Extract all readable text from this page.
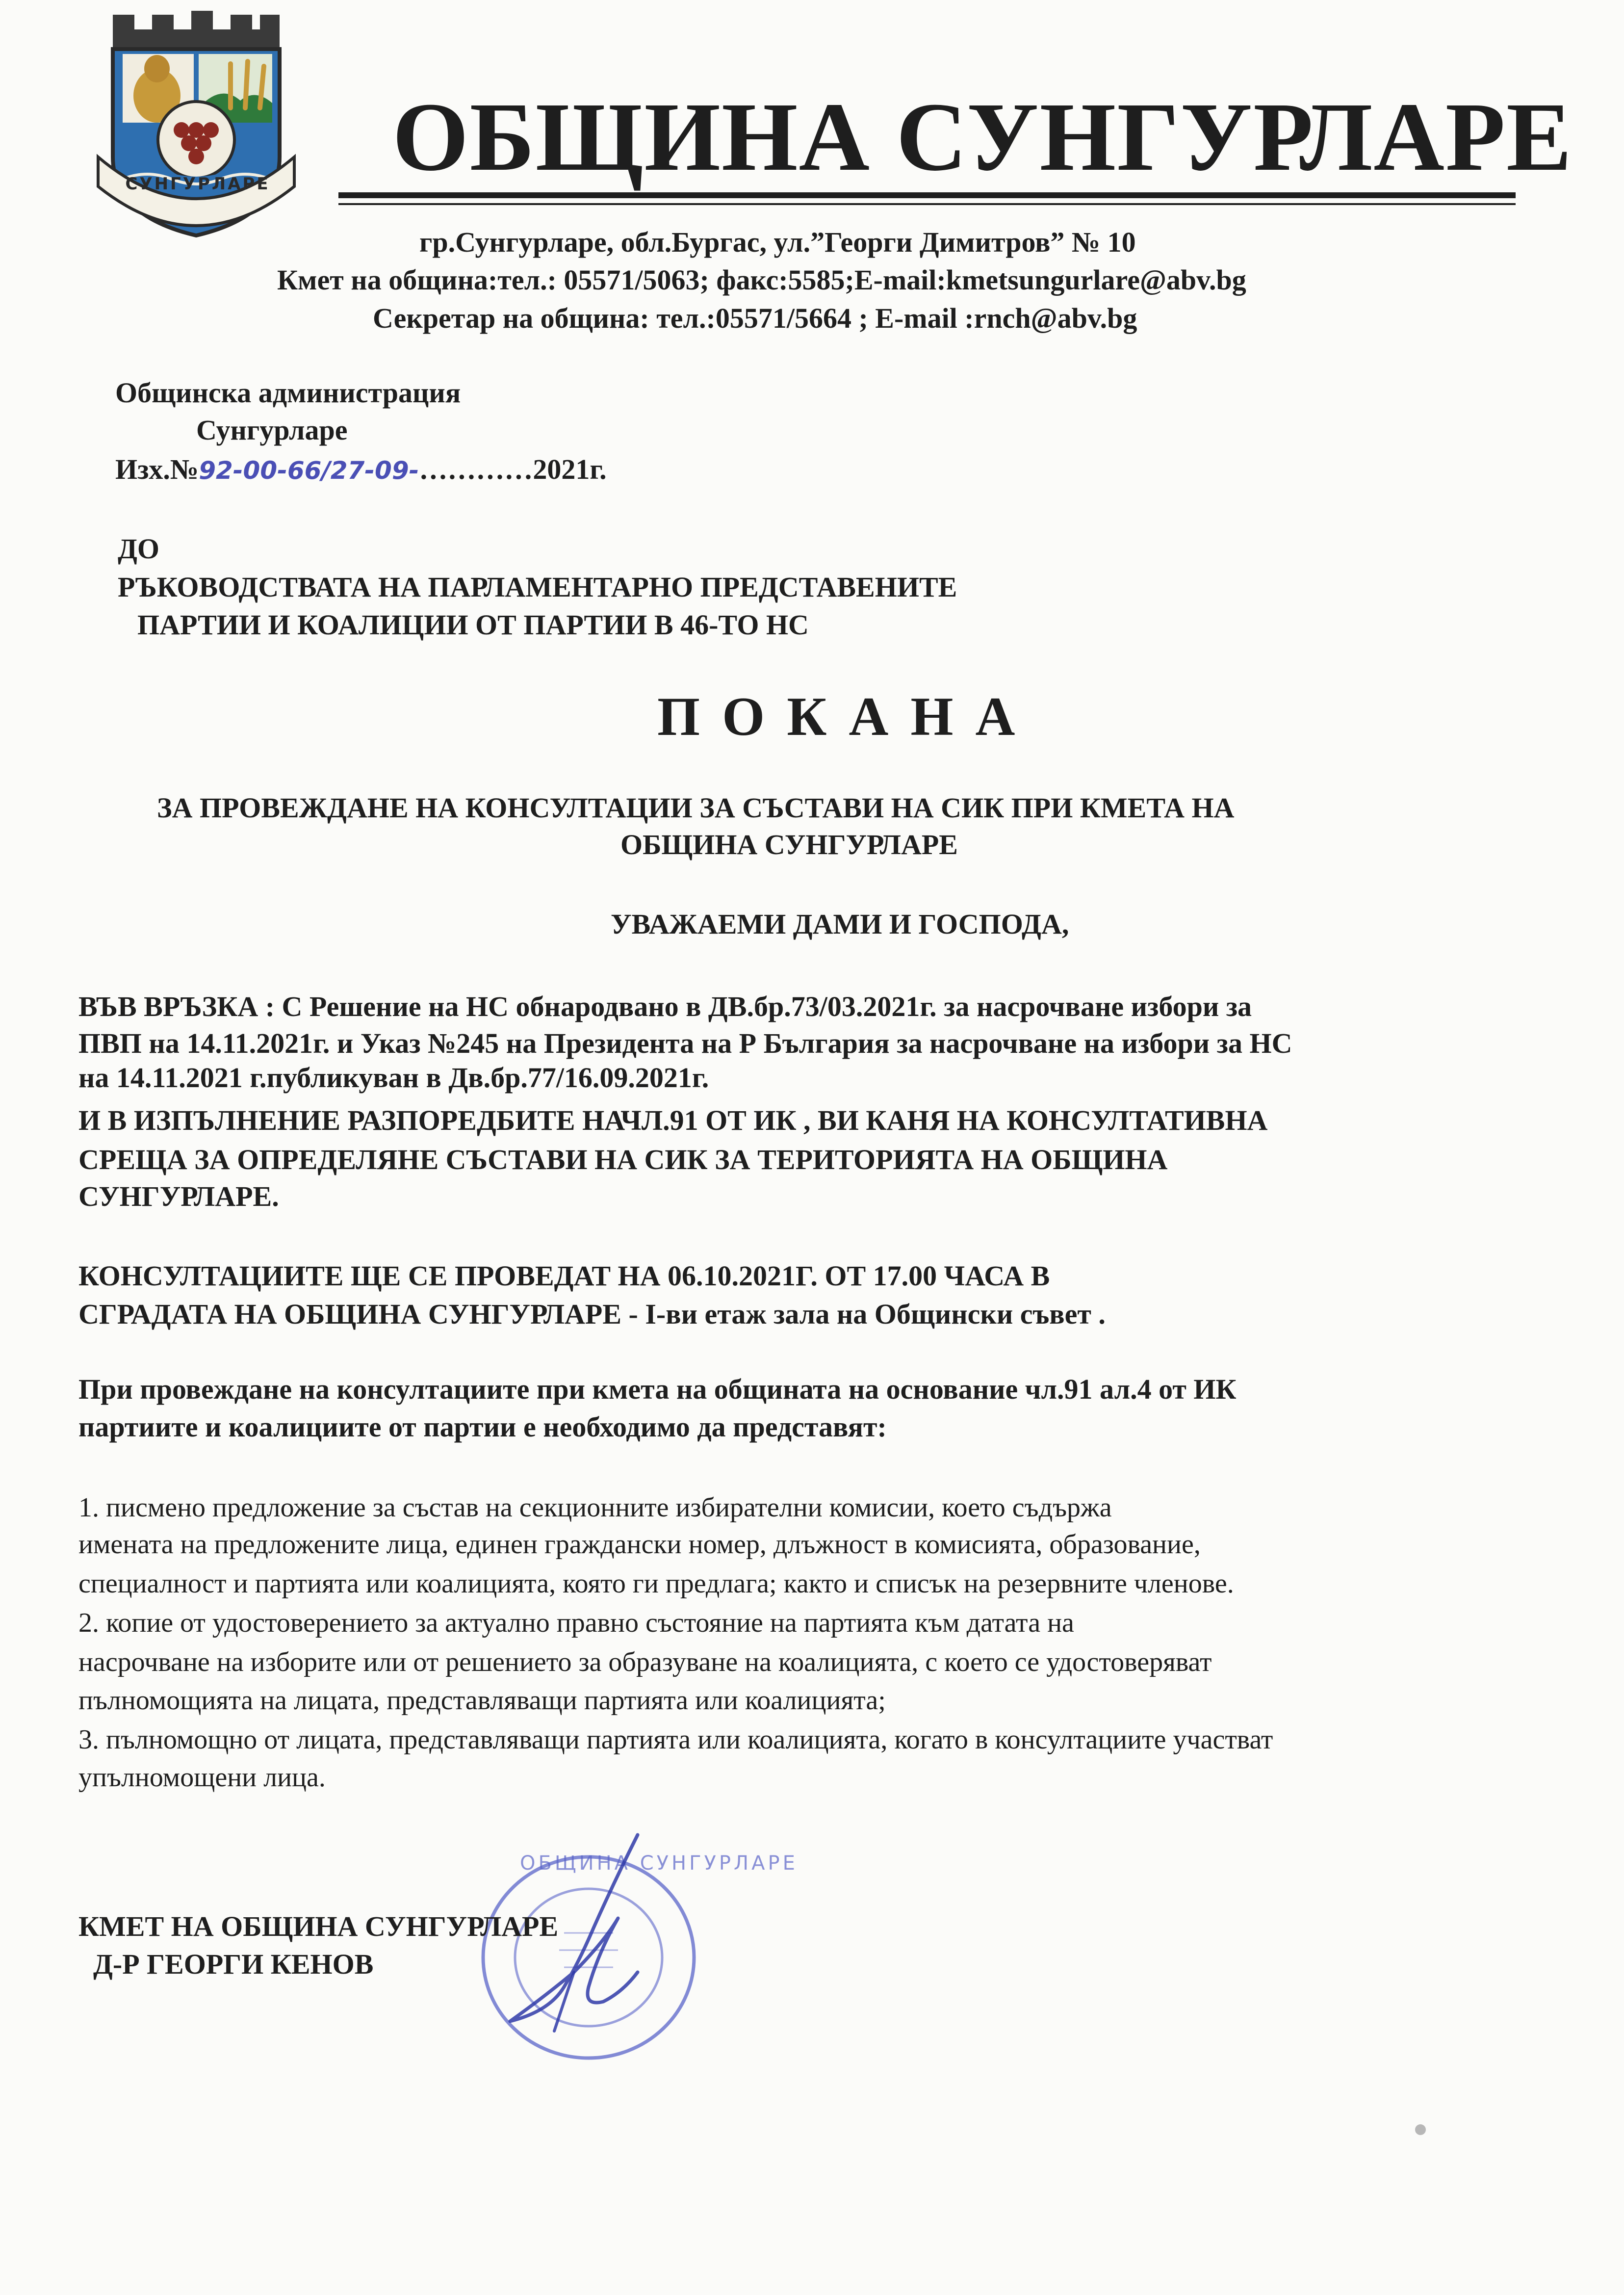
СУНГУРЛАРЕ ОБЩИНА СУНГУРЛАРЕ
гр.Сунгурларе, обл.Бургас, ул.”Георги Димитров” № 10
Кмет на община:тел.: 05571/5063; факс:5585;E-mail:kmetsungurlare@abv.bg
Секретар на община: тел.:05571/5664 ; E-mail :rnch@abv.bg
Общинска администрация
Сунгурларе
Изх.№92-00-66/27-09-…………2021г.
ДО
РЪКОВОДСТВАТА НА ПАРЛАМЕНТАРНО ПРЕДСТАВЕНИТЕ
ПАРТИИ И КОАЛИЦИИ ОТ ПАРТИИ В 46-ТО НС
ПОКАНА
ЗА ПРОВЕЖДАНЕ НА КОНСУЛТАЦИИ ЗА СЪСТАВИ НА СИК ПРИ КМЕТА НА
ОБЩИНА СУНГУРЛАРЕ
УВАЖАЕМИ ДАМИ И ГОСПОДА,
ВЪВ ВРЪЗКА : С Решение на НС обнародвано в ДВ.бр.73/03.2021г. за насрочване избори за
ПВП на 14.11.2021г. и Указ №245 на Президента на Р България за насрочване на избори за НС
на 14.11.2021 г.публикуван в Дв.бр.77/16.09.2021г.
И В ИЗПЪЛНЕНИЕ РАЗПОРЕДБИТЕ НАЧЛ.91 ОТ ИК , ВИ КАНЯ НА КОНСУЛТАТИВНА
СРЕЩА ЗА ОПРЕДЕЛЯНЕ СЪСТАВИ НА СИК ЗА ТЕРИТОРИЯТА НА ОБЩИНА
СУНГУРЛАРЕ.
КОНСУЛТАЦИИТЕ ЩЕ СЕ ПРОВЕДАТ НА 06.10.2021Г. ОТ 17.00 ЧАСА В
СГРАДАТА НА ОБЩИНА СУНГУРЛАРЕ - I-ви етаж зала на Общински съвет .
При провеждане на консултациите при кмета на общината на основание чл.91 ал.4 от ИК
партиите и коалициите от партии е необходимо да представят:
1. писмено предложение за състав на секционните избирателни комисии, което съдържа
имената на предложените лица, единен граждански номер, длъжност в комисията, образование,
специалност и партията или коалицията, която ги предлага; както и списък на резервните членове.
2. копие от удостоверението за актуално правно състояние на партията към датата на
насрочване на изборите или от решението за образуване на коалицията, с което се удостоверяват
пълномощията на лицата, представляващи партията или коалицията;
3. пълномощно от лицата, представляващи партията или коалицията, когато в консултациите участват
упълномощени лица.
ОБЩИНА СУНГУРЛАРЕ
КМЕТ НА ОБЩИНА СУНГУРЛАРЕ
Д-Р ГЕОРГИ КЕНОВ
